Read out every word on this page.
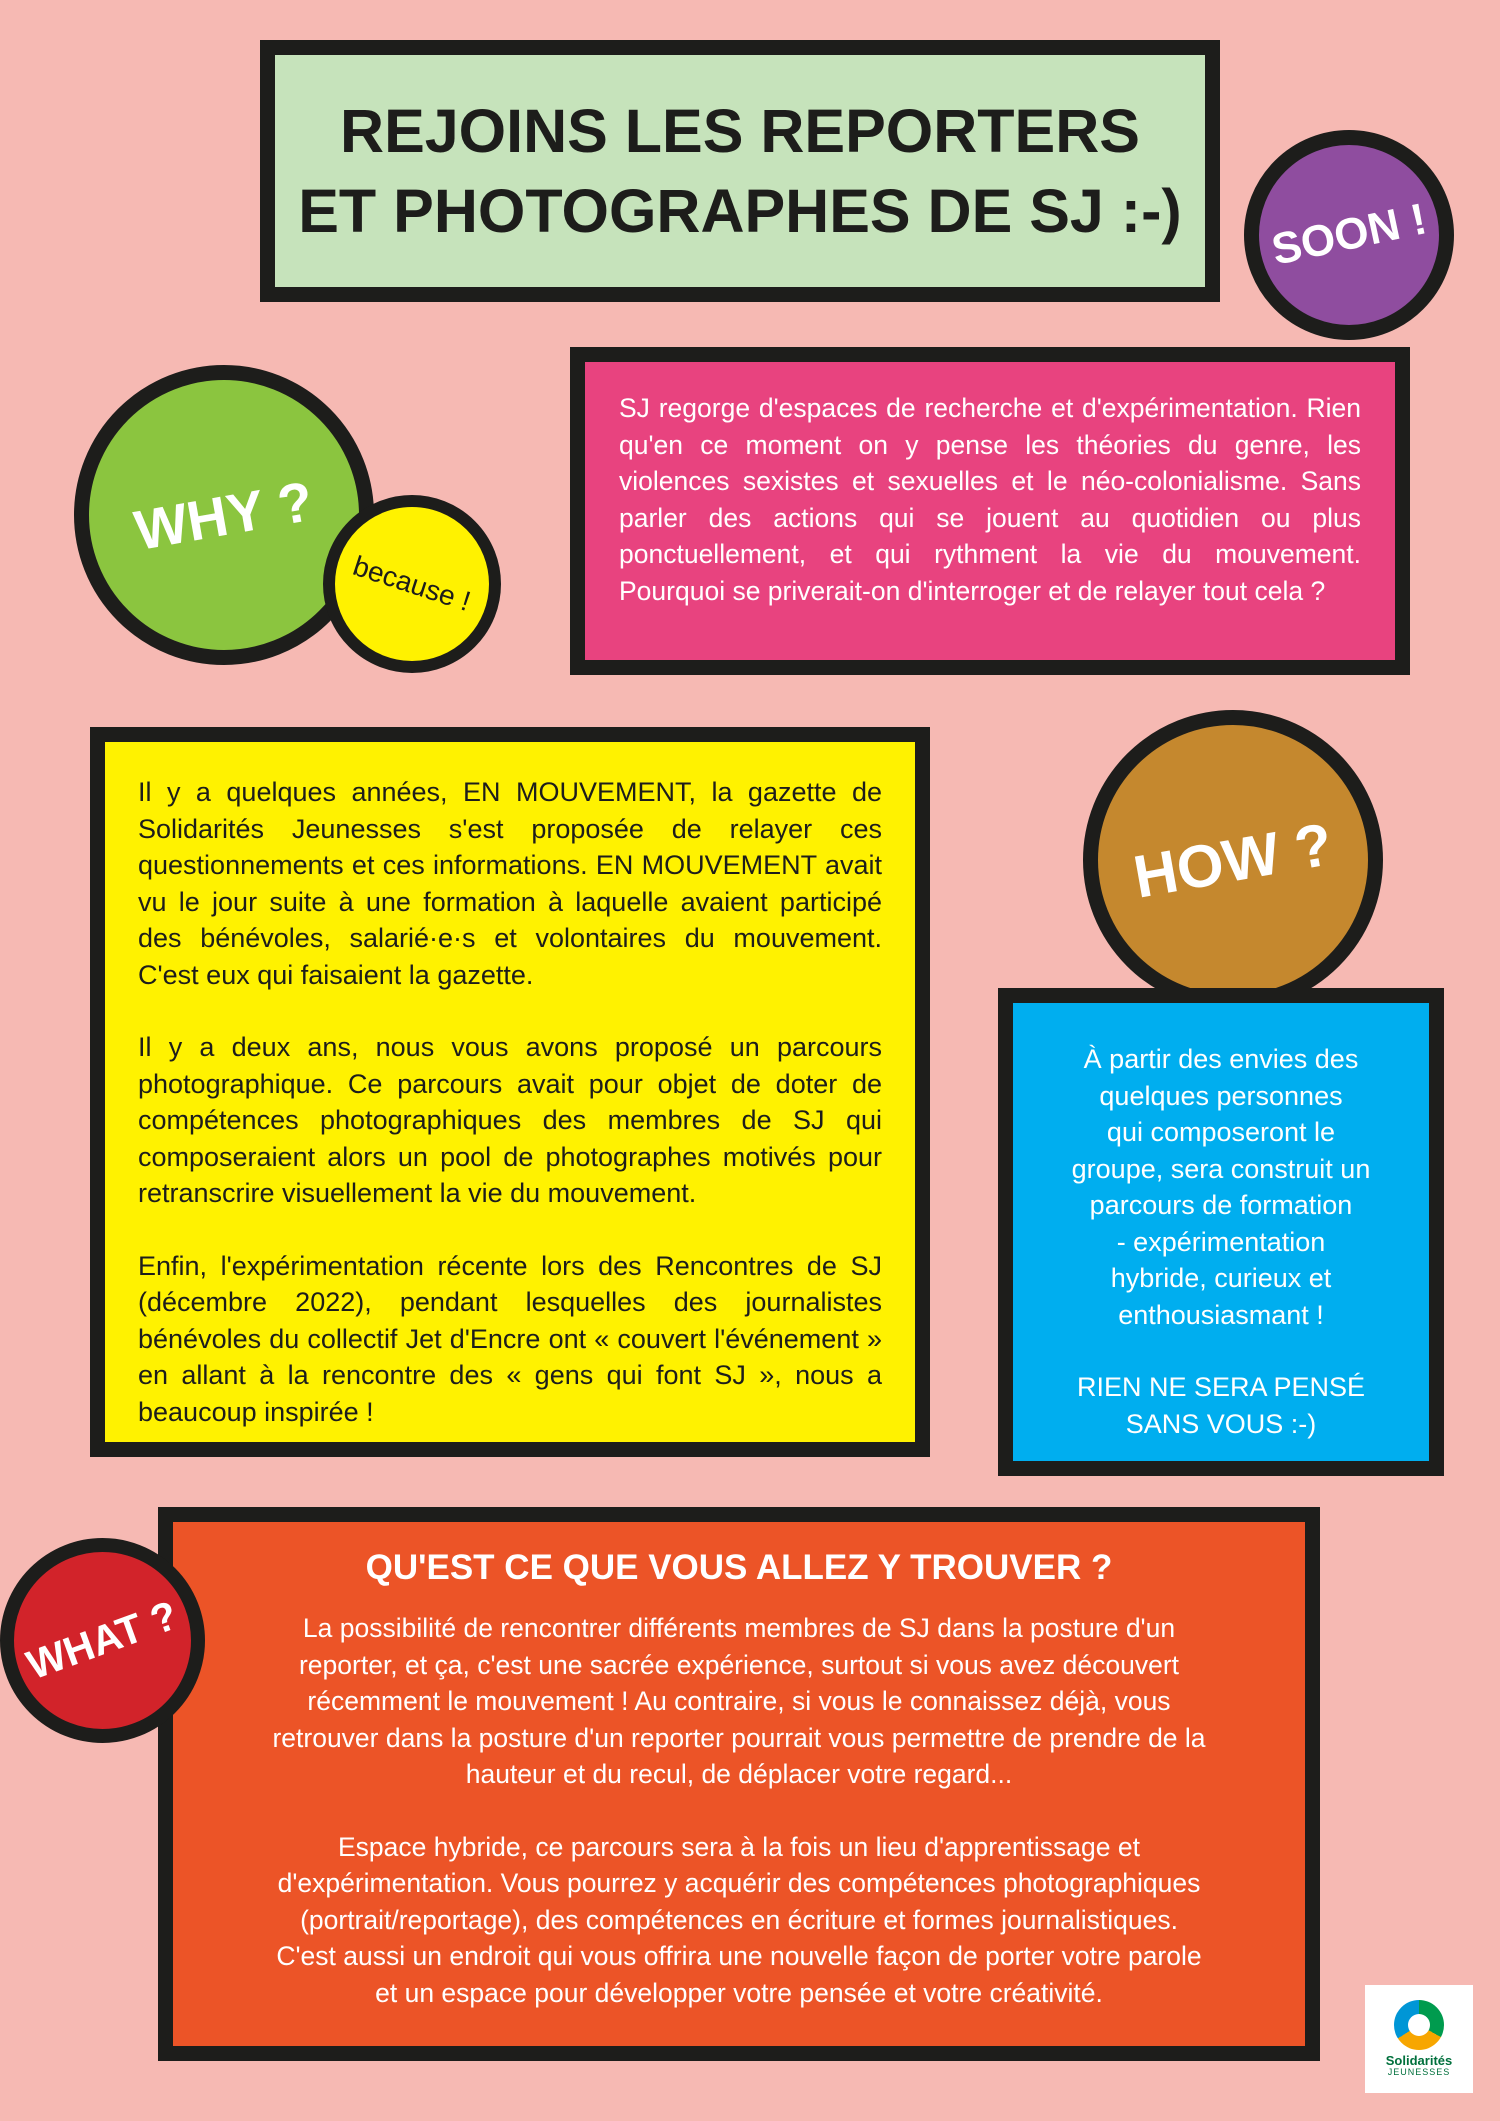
REJOINS LES REPORTERS
ET PHOTOGRAPHES DE SJ :-) SOON !
WHY ?
because !

SJ regorge d'espaces de recherche et d'expérimentation. Rien qu'en ce moment on y pense les théories du genre, les violences sexistes et sexuelles et le néo-colonialisme. Sans parler des actions qui se jouent au quotidien ou plus ponctuellement, et qui rythment la vie du mouvement. Pourquoi se priverait-on d'interroger et de relayer tout cela ?

Il y a quelques années, EN MOUVEMENT, la gazette de Solidarités Jeunesses s'est proposée de relayer ces questionnements et ces informations. EN MOUVEMENT avait vu le jour suite à une formation à laquelle avaient participé des bénévoles, salarié·e·s et volontaires du mouvement. C'est eux qui faisaient la gazette.

Il y a deux ans, nous vous avons proposé un parcours photographique. Ce parcours avait pour objet de doter de compétences photographiques des membres de SJ qui composeraient alors un pool de photographes motivés pour retranscrire visuellement la vie du mouvement.

Enfin, l'expérimentation récente lors des Rencontres de SJ (décembre 2022), pendant lesquelles des journalistes bénévoles du collectif Jet d'Encre ont « couvert l'événement » en allant à la rencontre des « gens qui font SJ », nous a beaucoup inspirée !

HOW ?

À partir des envies des
quelques personnes
qui composeront le
groupe, sera construit un
parcours de formation
- expérimentation
hybride, curieux et
enthousiasmant !

RIEN NE SERA PENSÉ
SANS VOUS :-)

QU'EST CE QUE VOUS ALLEZ Y TROUVER ?

La possibilité de rencontrer différents membres de SJ dans la posture d'un
reporter, et ça, c'est une sacrée expérience, surtout si vous avez découvert
récemment le mouvement ! Au contraire, si vous le connaissez déjà, vous
retrouver dans la posture d'un reporter pourrait vous permettre de prendre de la
hauteur et du recul, de déplacer votre regard...

Espace hybride, ce parcours sera à la fois un lieu d'apprentissage et
d'expérimentation. Vous pourrez y acquérir des compétences photographiques
(portrait/reportage), des compétences en écriture et formes journalistiques.
C'est aussi un endroit qui vous offrira une nouvelle façon de porter votre parole
et un espace pour développer votre pensée et votre créativité.

WHAT ?
Solidarités
JEUNESSES
